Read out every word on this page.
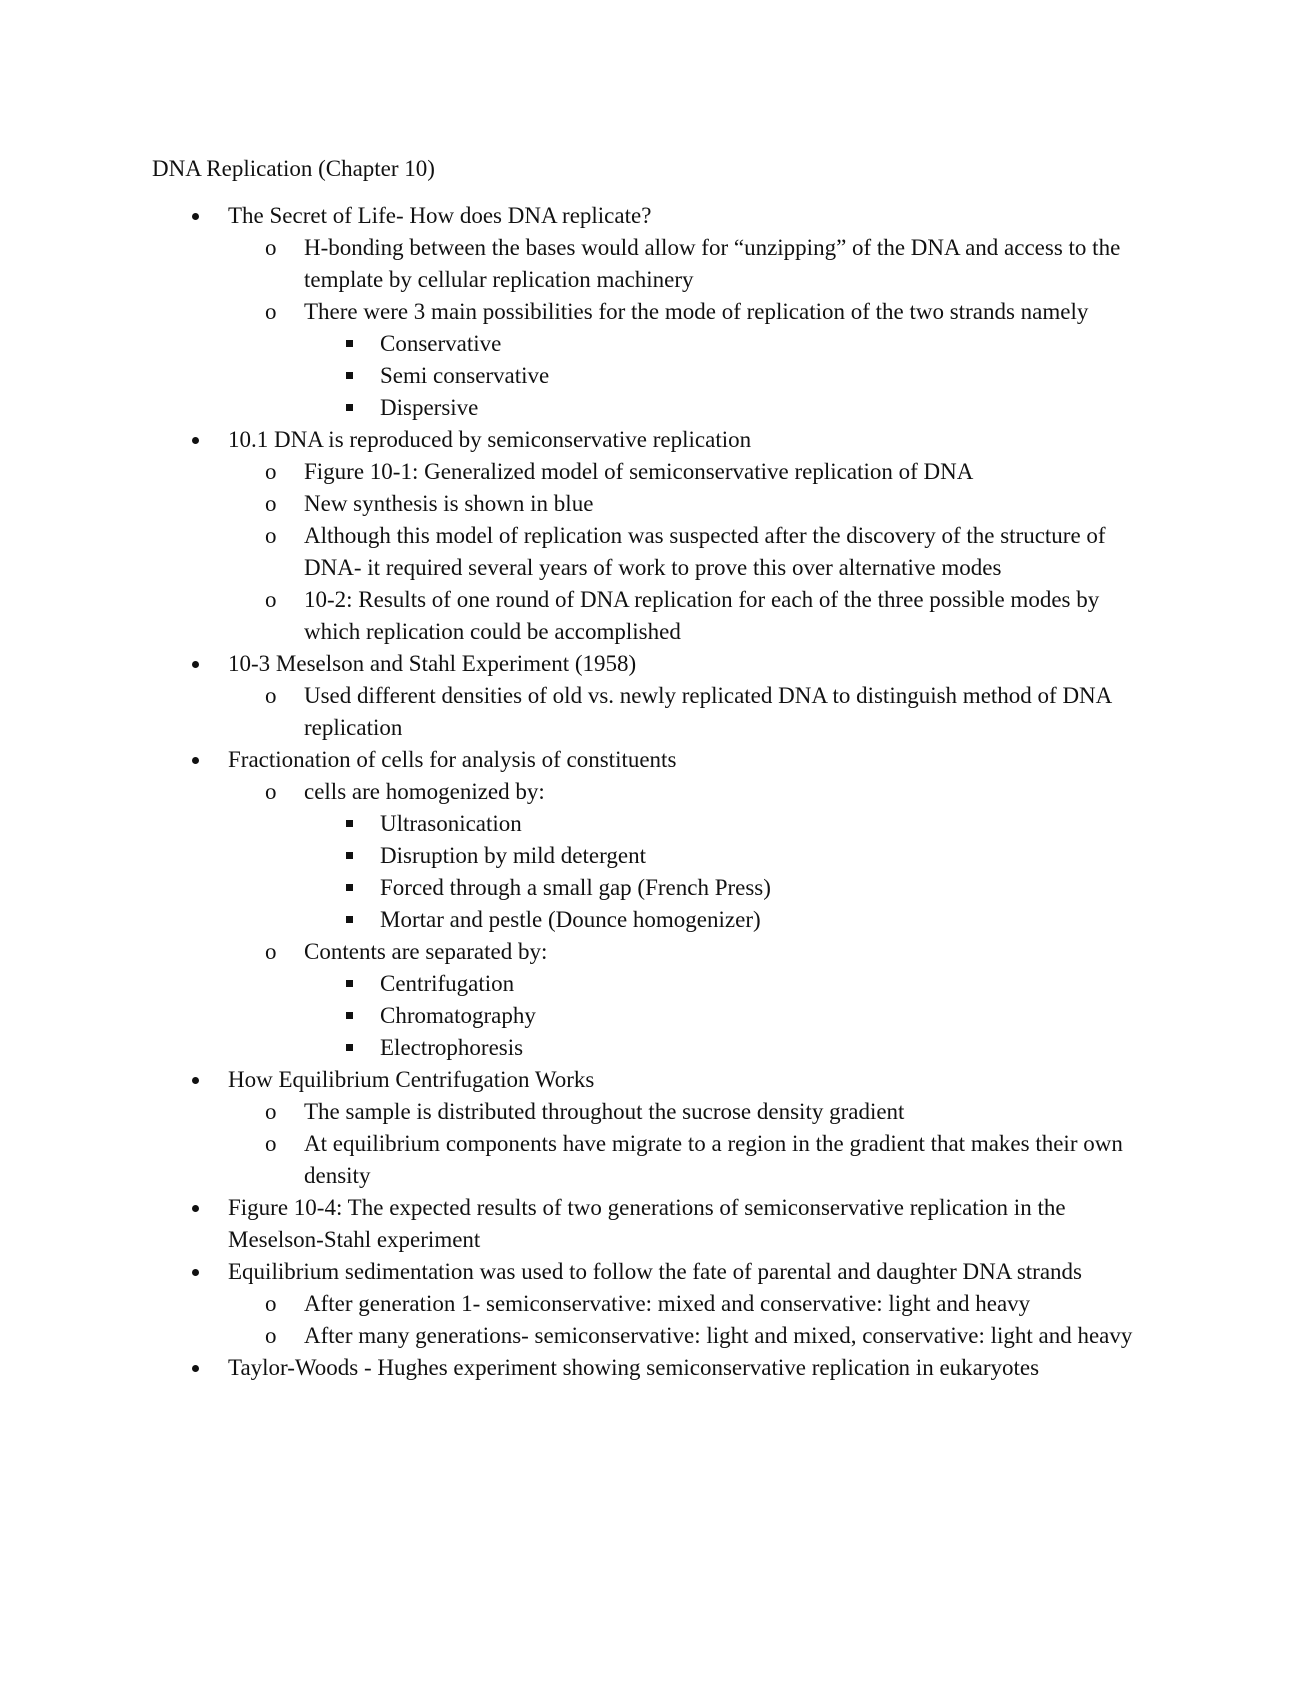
DNA Replication (Chapter 10)
The Secret of Life- How does DNA replicate?
o H-bonding between the bases would allow for “unzipping” of the DNA and access to the template by cellular replication machinery
o There were 3 main possibilities for the mode of replication of the two strands namely
Conservative
Semi conservative
Dispersive
10.1 DNA is reproduced by semiconservative replication
o Figure 10-1: Generalized model of semiconservative replication of DNA
o New synthesis is shown in blue
o Although this model of replication was suspected after the discovery of the structure of DNA- it required several years of work to prove this over alternative modes
o 10-2: Results of one round of DNA replication for each of the three possible modes by which replication could be accomplished
10-3 Meselson and Stahl Experiment (1958)
o Used different densities of old vs. newly replicated DNA to distinguish method of DNA replication
Fractionation of cells for analysis of constituents
o cells are homogenized by:
Ultrasonication
Disruption by mild detergent
Forced through a small gap (French Press)
Mortar and pestle (Dounce homogenizer)
o Contents are separated by:
Centrifugation
Chromatography
Electrophoresis
How Equilibrium Centrifugation Works
o The sample is distributed throughout the sucrose density gradient
o At equilibrium components have migrate to a region in the gradient that makes their own density
Figure 10-4: The expected results of two generations of semiconservative replication in the Meselson-Stahl experiment
Equilibrium sedimentation was used to follow the fate of parental and daughter DNA strands
o After generation 1- semiconservative: mixed and conservative: light and heavy
o After many generations- semiconservative: light and mixed, conservative: light and heavy
Taylor-Woods - Hughes experiment showing semiconservative replication in eukaryotes
